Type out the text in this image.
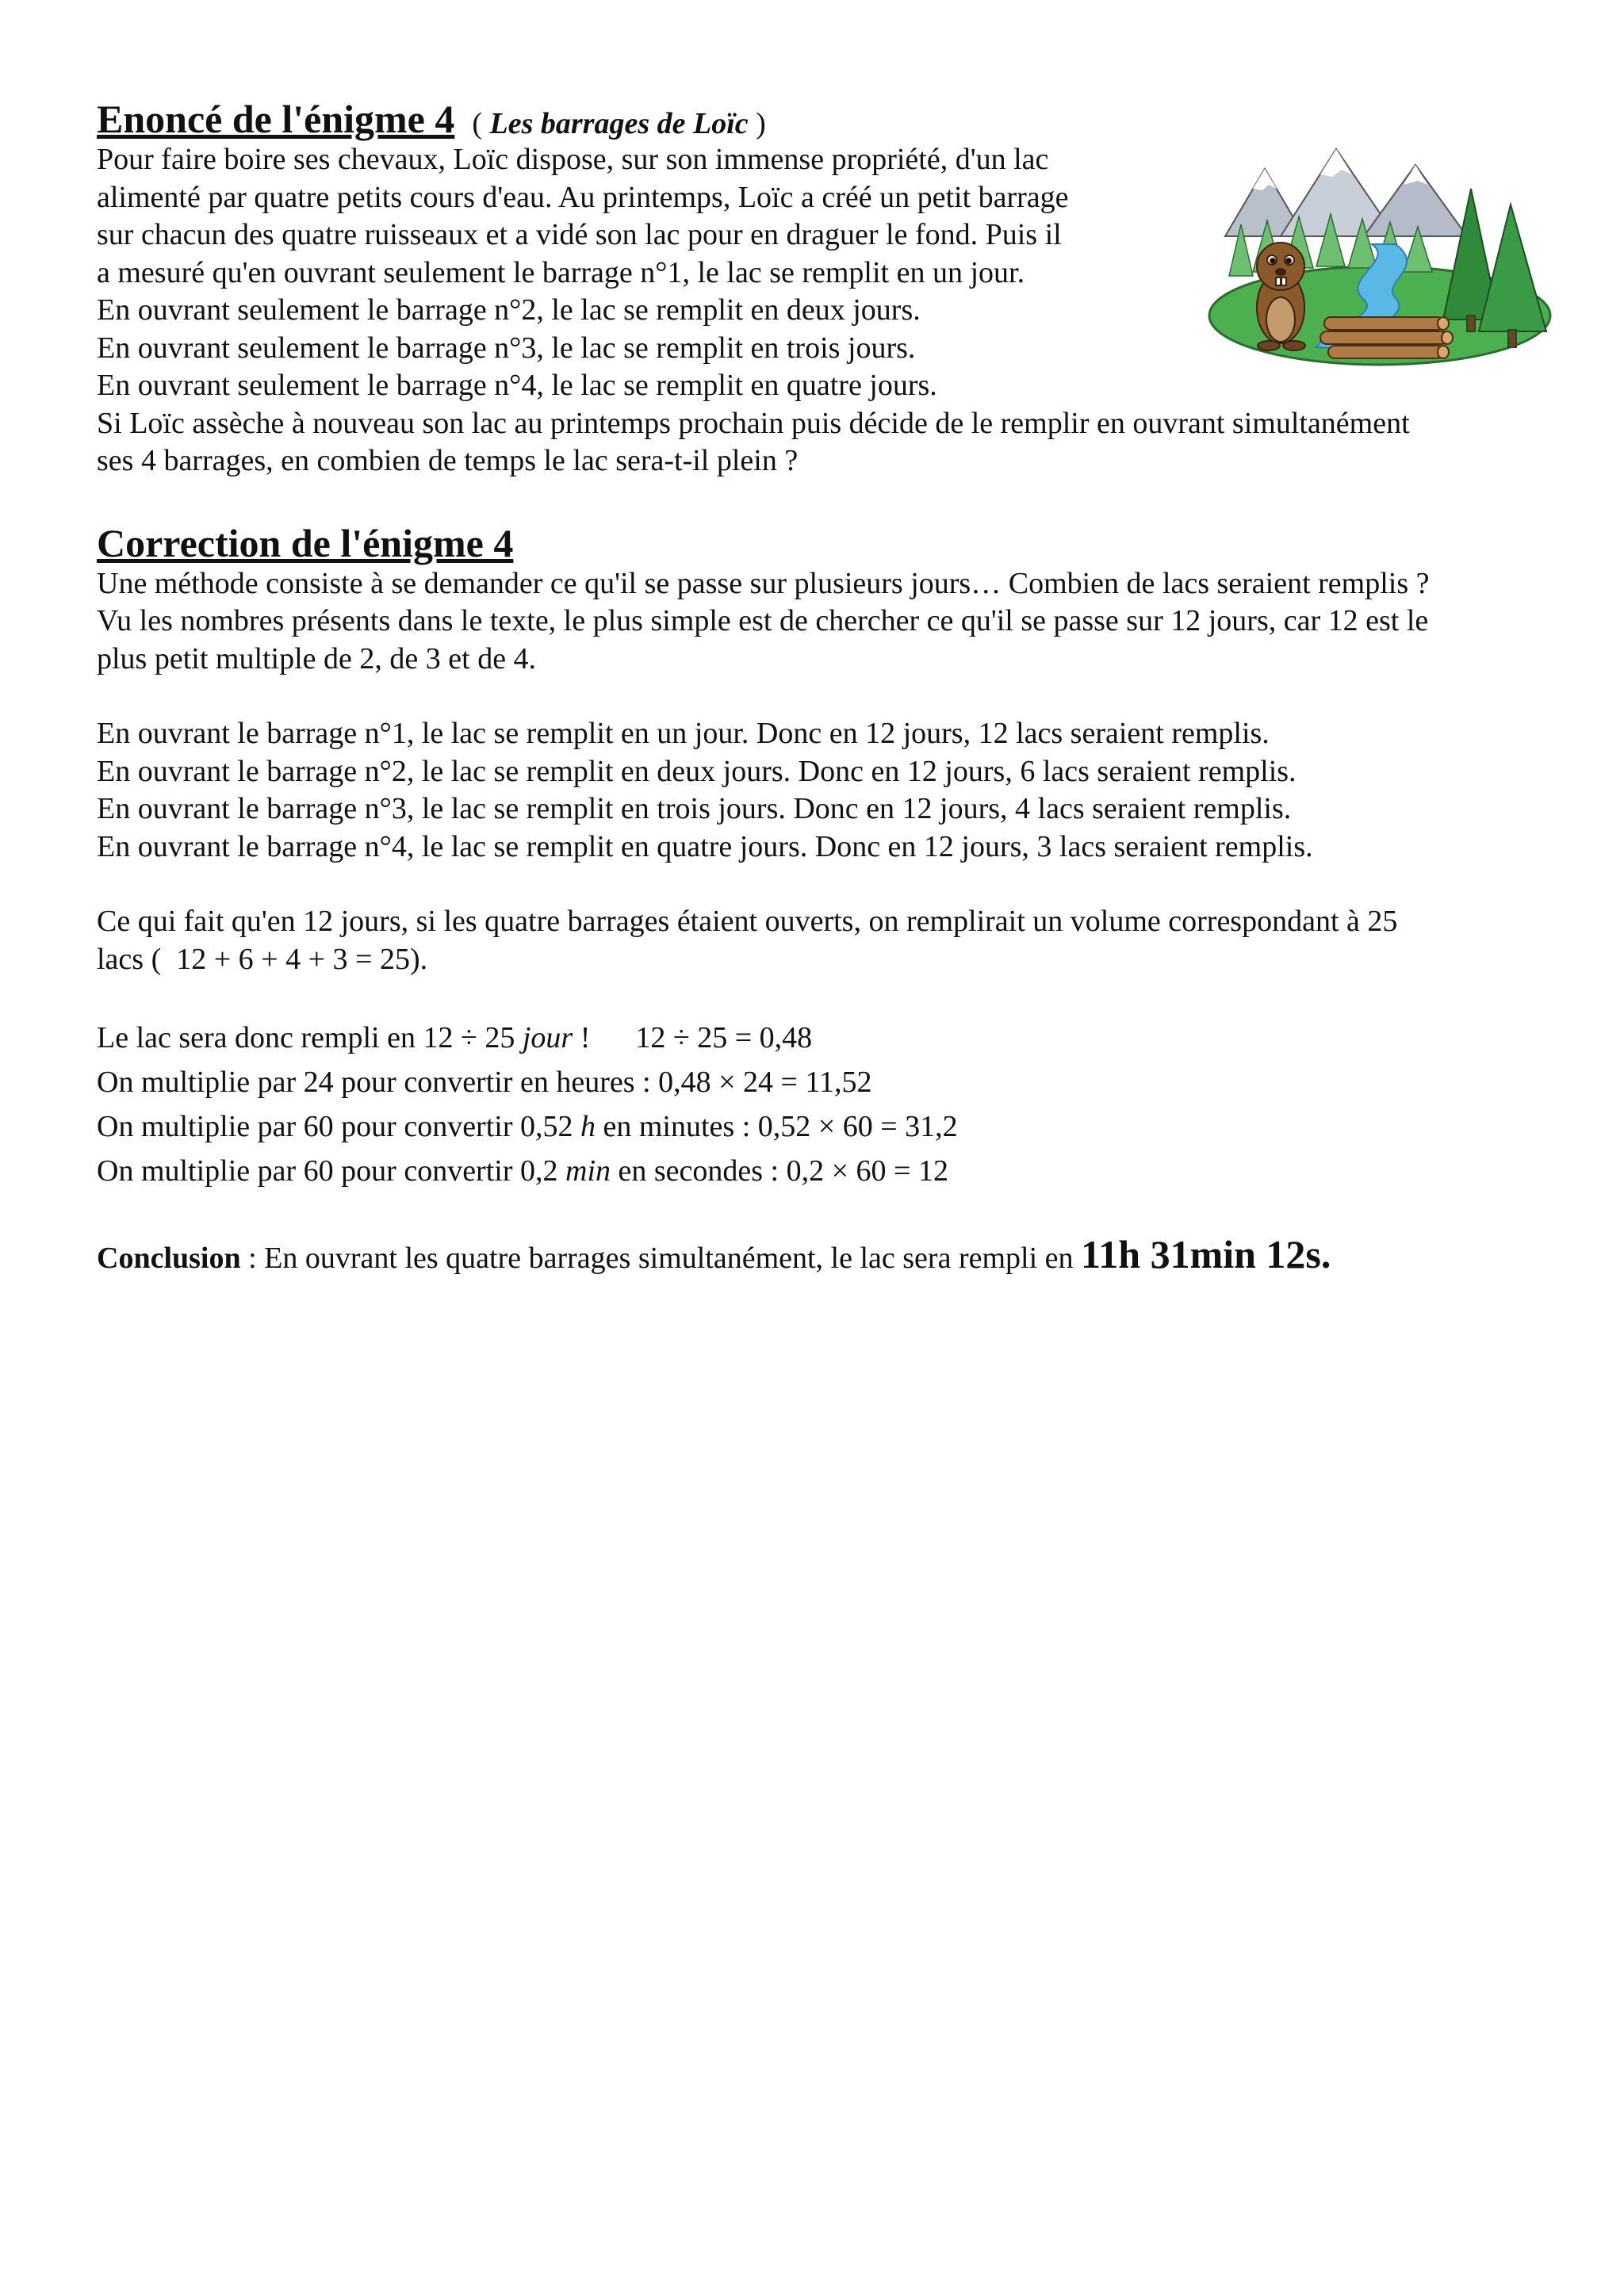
Enoncé de l'énigme 4 ( Les barrages de Loïc )

Pour faire boire ses chevaux, Loïc dispose, sur son immense propriété, d'un lac

alimenté par quatre petits cours d'eau. Au printemps, Loïc a créé un petit barrage

sur chacun des quatre ruisseaux et a vidé son lac pour en draguer le fond. Puis il

a mesuré qu'en ouvrant seulement le barrage n°1, le lac se remplit en un jour.

En ouvrant seulement le barrage n°2, le lac se remplit en deux jours.

En ouvrant seulement le barrage n°3, le lac se remplit en trois jours.

En ouvrant seulement le barrage n°4, le lac se remplit en quatre jours.

Si Loïc assèche à nouveau son lac au printemps prochain puis décide de le remplir en ouvrant simultanément

ses 4 barrages, en combien de temps le lac sera-t-il plein ?

Correction de l'énigme 4

Une méthode consiste à se demander ce qu'il se passe sur plusieurs jours… Combien de lacs seraient remplis ?

Vu les nombres présents dans le texte, le plus simple est de chercher ce qu'il se passe sur 12 jours, car 12 est le

plus petit multiple de 2, de 3 et de 4.

En ouvrant le barrage n°1, le lac se remplit en un jour. Donc en 12 jours, 12 lacs seraient remplis.

En ouvrant le barrage n°2, le lac se remplit en deux jours. Donc en 12 jours, 6 lacs seraient remplis.

En ouvrant le barrage n°3, le lac se remplit en trois jours. Donc en 12 jours, 4 lacs seraient remplis.

En ouvrant le barrage n°4, le lac se remplit en quatre jours. Donc en 12 jours, 3 lacs seraient remplis.

Ce qui fait qu'en 12 jours, si les quatre barrages étaient ouverts, on remplirait un volume correspondant à 25

lacs ( 12 + 6 + 4 + 3 = 25).

Le lac sera donc rempli en 12 ÷ 25 jour ! 12 ÷ 25 = 0,48

On multiplie par 24 pour convertir en heures : 0,48 × 24 = 11,52

On multiplie par 60 pour convertir 0,52 h en minutes : 0,52 × 60 = 31,2

On multiplie par 60 pour convertir 0,2 min en secondes : 0,2 × 60 = 12

Conclusion : En ouvrant les quatre barrages simultanément, le lac sera rempli en 11h 31min 12s.
